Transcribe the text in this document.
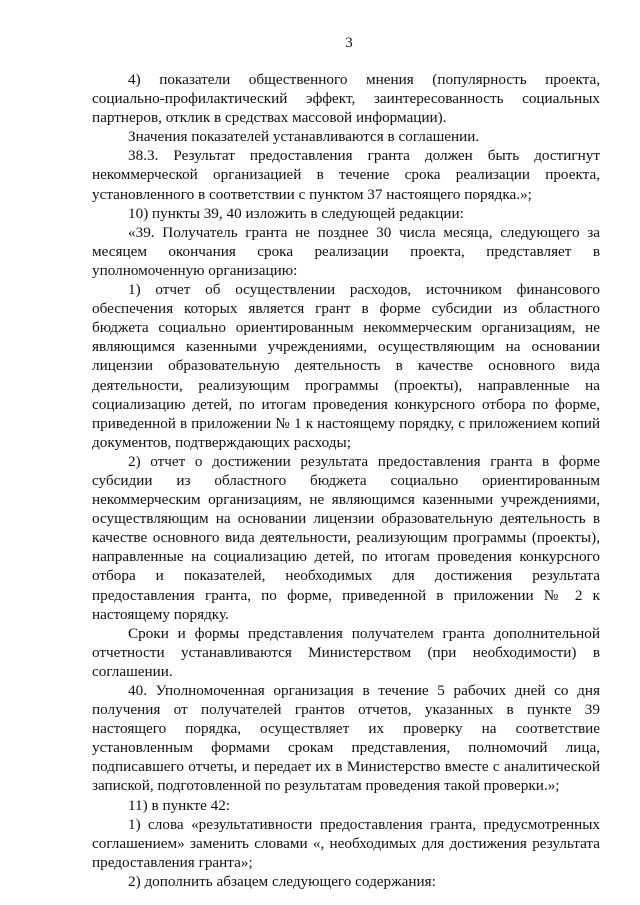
3

4) показатели общественного мнения (популярность проекта, социально-профилактический эффект, заинтересованность социальных партнеров, отклик в средствах массовой информации).

Значения показателей устанавливаются в соглашении.

38.3. Результат предоставления гранта должен быть достигнут некоммерческой организацией в течение срока реализации проекта, установленного в соответствии с пунктом 37 настоящего порядка.»;

10) пункты 39, 40 изложить в следующей редакции:

«39. Получатель гранта не позднее 30 числа месяца, следующего за месяцем окончания срока реализации проекта, представляет в уполномоченную организацию:

1) отчет об осуществлении расходов, источником финансового обеспечения которых является грант в форме субсидии из областного бюджета социально ориентированным некоммерческим организациям, не являющимся казенными учреждениями, осуществляющим на основании лицензии образовательную деятельность в качестве основного вида деятельности, реализующим программы (проекты), направленные на социализацию детей, по итогам проведения конкурсного отбора по форме, приведенной в приложении № 1 к настоящему порядку, с приложением копий документов, подтверждающих расходы;

2) отчет о достижении результата предоставления гранта в форме субсидии из областного бюджета социально ориентированным некоммерческим организациям, не являющимся казенными учреждениями, осуществляющим на основании лицензии образовательную деятельность в качестве основного вида деятельности, реализующим программы (проекты), направленные на социализацию детей, по итогам проведения конкурсного отбора и показателей, необходимых для достижения результата предоставления гранта, по форме, приведенной в приложении № 2 к настоящему порядку.

Сроки и формы представления получателем гранта дополнительной отчетности устанавливаются Министерством (при необходимости) в соглашении.

40. Уполномоченная организация в течение 5 рабочих дней со дня получения от получателей грантов отчетов, указанных в пункте 39 настоящего порядка, осуществляет их проверку на соответствие установленным формами срокам представления, полномочий лица, подписавшего отчеты, и передает их в Министерство вместе с аналитической запиской, подготовленной по результатам проведения такой проверки.»;

11) в пункте 42:

1) слова «результативности предоставления гранта, предусмотренных соглашением» заменить словами «, необходимых для достижения результата предоставления гранта»;

2) дополнить абзацем следующего содержания:
